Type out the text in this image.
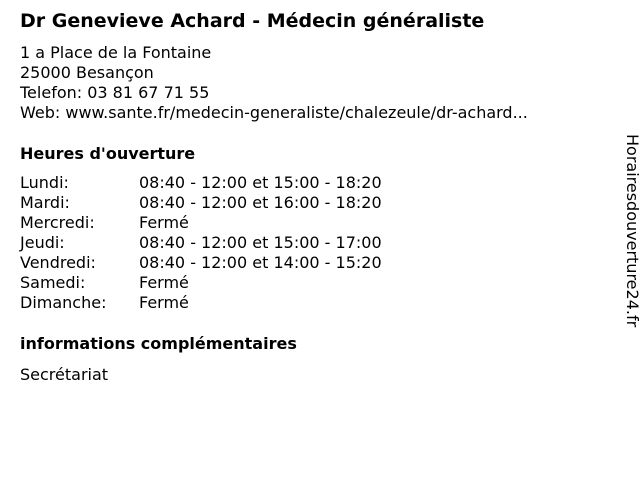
Dr Genevieve Achard - Médecin généraliste
1 a Place de la Fontaine
25000 Besançon
Telefon: 03 81 67 71 55
Web: www.sante.fr/medecin-generaliste/chalezeule/dr-achard...
Heures d'ouverture
Lundi:	08:40 - 12:00 et 15:00 - 18:20
Mardi:	08:40 - 12:00 et 16:00 - 18:20
Mercredi:	Fermé
Jeudi:	08:40 - 12:00 et 15:00 - 17:00
Vendredi:	08:40 - 12:00 et 14:00 - 15:20
Samedi:	Fermé
Dimanche:	Fermé
informations complémentaires
Secrétariat
Horairesdouverture24.fr
